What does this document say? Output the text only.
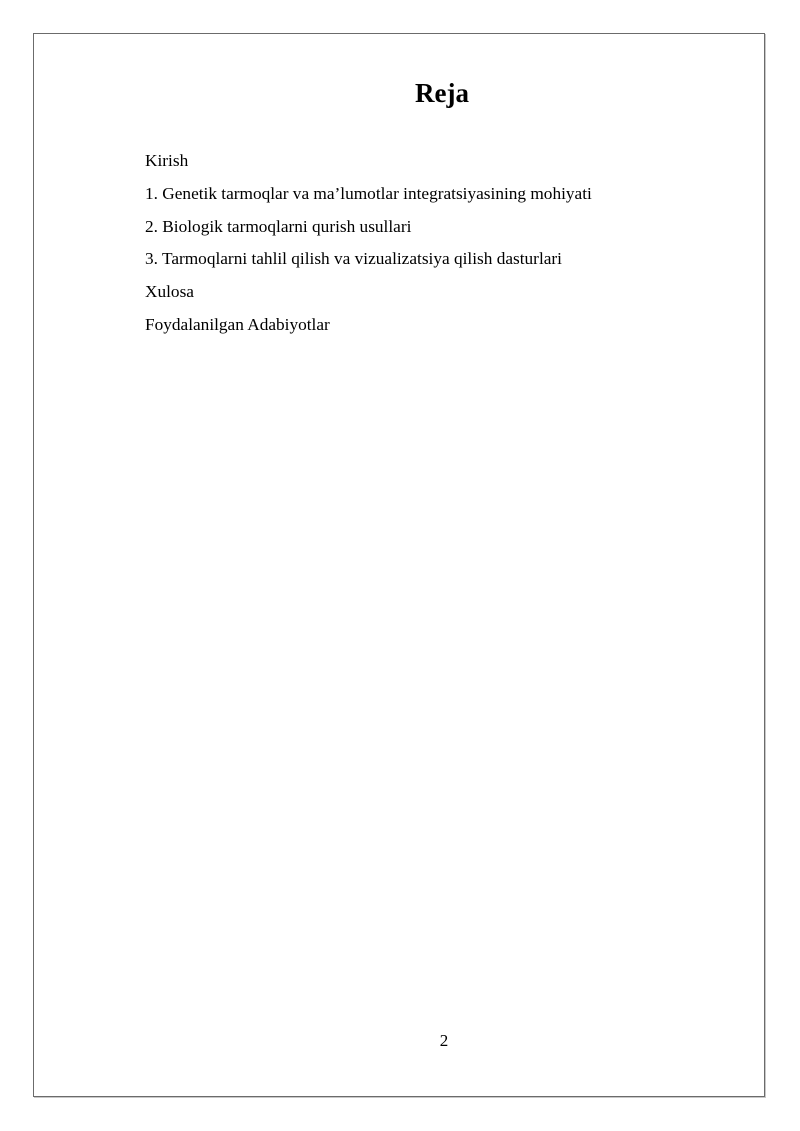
Reja
Kirish
1. Genetik tarmoqlar va ma’lumotlar integratsiyasining mohiyati
2. Biologik tarmoqlarni qurish usullari
3. Tarmoqlarni tahlil qilish va vizualizatsiya qilish dasturlari
Xulosa
Foydalanilgan Adabiyotlar
2
